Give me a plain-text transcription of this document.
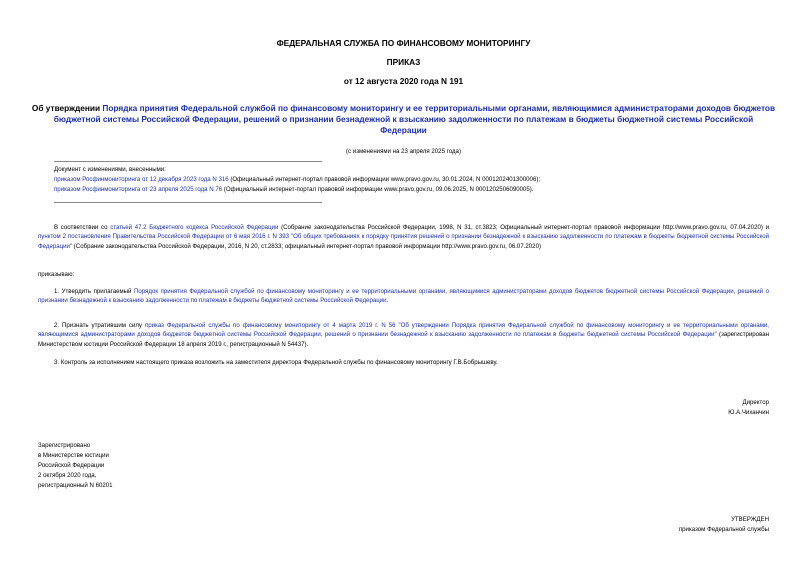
ФЕДЕРАЛЬНАЯ СЛУЖБА ПО ФИНАНСОВОМУ МОНИТОРИНГУ
ПРИКАЗ
от 12 августа 2020 года N 191
Об утверждении Порядка принятия Федеральной службой по финансовому мониторингу и ее территориальными органами, являющимися администраторами доходов бюджетов бюджетной системы Российской Федерации, решений о признании безнадежной к взысканию задолженности по платежам в бюджеты бюджетной системы Российской Федерации
(с изменениями на 23 апреля 2025 года)
Документ с изменениями, внесенными:
приказом Росфинмониторинга от 12 декабря 2023 года N 316 (Официальный интернет-портал правовой информации www.pravo.gov.ru, 30.01.2024, N 0001202401300006);
приказом Росфинмониторинга от 23 апреля 2025 года N 76 (Официальный интернет-портал правовой информации www.pravo.gov.ru, 09.06.2025, N 0001202506090005).
В соответствии со статьей 47.2 Бюджетного кодекса Российской Федерации (Собрание законодательства Российской Федерации, 1998, N 31, ст.3823; Официальный интернет-портал правовой информации http://www.pravo.gov.ru, 07.04.2020) и пунктом 2 постановления Правительства Российской Федерации от 6 мая 2016 г. N 393 "Об общих требованиях к порядку принятия решений о признании безнадежной к взысканию задолженности по платежам в бюджеты бюджетной системы Российской Федерации" (Собрание законодательства Российской Федерации, 2016, N 20, ст.2833; официальный интернет-портал правовой информации http://www.pravo.gov.ru, 06.07.2020)
приказываю:
1. Утвердить прилагаемый Порядок принятия Федеральной службой по финансовому мониторингу и ее территориальными органами, являющимися администраторами доходов бюджетов бюджетной системы Российской Федерации, решений о признании безнадежной к взысканию задолженности по платежам в бюджеты бюджетной системы Российской Федерации.
2. Признать утратившим силу приказ Федеральной службы по финансовому мониторингу от 4 марта 2019 г. N 56 "Об утверждении Порядка принятия Федеральной службой по финансовому мониторингу и ее территориальными органами, являющимися администраторами доходов бюджетов бюджетной системы Российской Федерации, решений о признании безнадежной к взысканию задолженности по платежам в бюджеты бюджетной системы Российской Федерации" (зарегистрирован Министерством юстиции Российской Федерации 18 апреля 2019 г., регистрационный N 54437).
3. Контроль за исполнением настоящего приказа возложить на заместителя директора Федеральной службы по финансовому мониторингу Г.В.Бобрышеву.
Директор
Ю.А.Чиханчин
Зарегистрировано
в Министерстве юстиции
Российской Федерации
2 октября 2020 года,
регистрационный N 60201
УТВЕРЖДЕН
приказом Федеральной службы
